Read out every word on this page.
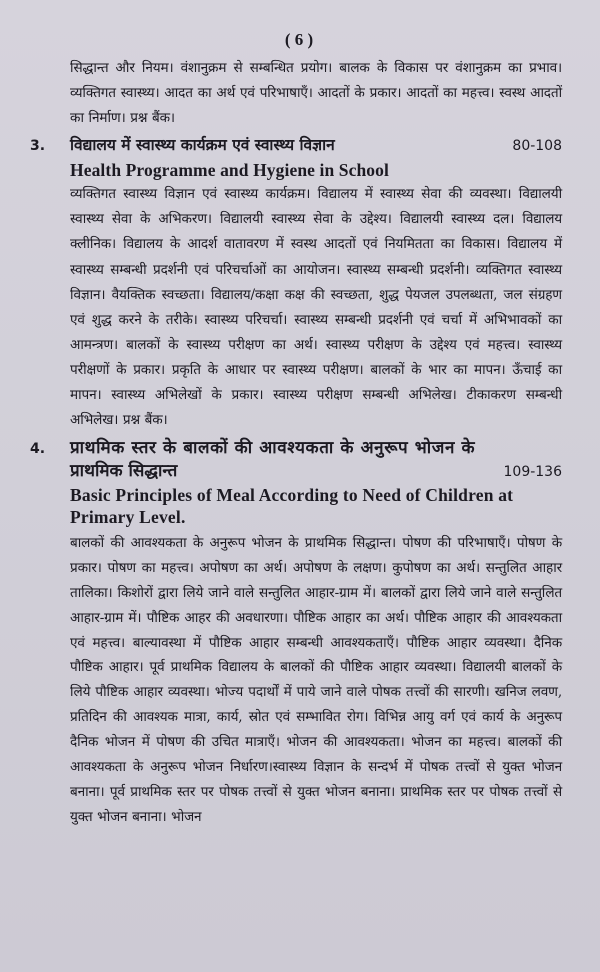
( 6 )

सिद्धान्त और नियम। वंशानुक्रम से सम्बन्धित प्रयोग। बालक के विकास पर वंशानुक्रम का प्रभाव। व्यक्तिगत स्वास्थ्य। आदत का अर्थ एवं परिभाषाएँ। आदतों के प्रकार। आदतों का महत्त्व। स्वस्थ आदतों का निर्माण। प्रश्न बैंक।

3.	विद्यालय में स्वास्थ्य कार्यक्रम एवं स्वास्थ्य विज्ञान	80-108
Health Programme and Hygiene in School

व्यक्तिगत स्वास्थ्य विज्ञान एवं स्वास्थ्य कार्यक्रम। विद्यालय में स्वास्थ्य सेवा की व्यवस्था। विद्यालयी स्वास्थ्य सेवा के अभिकरण। विद्यालयी स्वास्थ्य सेवा के उद्देश्य। विद्यालयी स्वास्थ्य दल। विद्यालय क्लीनिक। विद्यालय के आदर्श वातावरण में स्वस्थ आदतों एवं नियमितता का विकास। विद्यालय में स्वास्थ्य सम्बन्धी प्रदर्शनी एवं परिचर्चाओं का आयोजन। स्वास्थ्य सम्बन्धी प्रदर्शनी। व्यक्तिगत स्वास्थ्य विज्ञान। वैयक्तिक स्वच्छता। विद्यालय/कक्षा कक्ष की स्वच्छता, शुद्ध पेयजल उपलब्धता, जल संग्रहण एवं शुद्ध करने के तरीके। स्वास्थ्य परिचर्चा। स्वास्थ्य सम्बन्धी प्रदर्शनी एवं चर्चा में अभिभावकों का आमन्त्रण। बालकों के स्वास्थ्य परीक्षण का अर्थ। स्वास्थ्य परीक्षण के उद्देश्य एवं महत्त्व। स्वास्थ्य परीक्षणों के प्रकार। प्रकृति के आधार पर स्वास्थ्य परीक्षण। बालकों के भार का मापन। ऊँचाई का मापन। स्वास्थ्य अभिलेखों के प्रकार। स्वास्थ्य परीक्षण सम्बन्धी अभिलेख। टीकाकरण सम्बन्धी अभिलेख। प्रश्न बैंक।

4.	प्राथमिक स्तर के बालकों की आवश्यकता के अनुरूप भोजन के
प्राथमिक सिद्धान्त	109-136
Basic Principles of Meal According to Need of Children at Primary Level.

बालकों की आवश्यकता के अनुरूप भोजन के प्राथमिक सिद्धान्त। पोषण की परिभाषाएँ। पोषण के प्रकार। पोषण का महत्त्व। अपोषण का अर्थ। अपोषण के लक्षण। कुपोषण का अर्थ। सन्तुलित आहार तालिका। किशोरों द्वारा लिये जाने वाले सन्तुलित आहार-ग्राम में। बालकों द्वारा लिये जाने वाले सन्तुलित आहार-ग्राम में। पौष्टिक आहर की अवधारणा। पौष्टिक आहार का अर्थ। पौष्टिक आहार की आवश्यकता एवं महत्त्व। बाल्यावस्था में पौष्टिक आहार सम्बन्धी आवश्यकताएँ। पौष्टिक आहार व्यवस्था। दैनिक पौष्टिक आहार। पूर्व प्राथमिक विद्यालय के बालकों की पौष्टिक आहार व्यवस्था। विद्यालयी बालकों के लिये पौष्टिक आहार व्यवस्था। भोज्य पदार्थों में पाये जाने वाले पोषक तत्त्वों की सारणी। खनिज लवण, प्रतिदिन की आवश्यक मात्रा, कार्य, स्रोत एवं सम्भावित रोग। विभिन्न आयु वर्ग एवं कार्य के अनुरूप दैनिक भोजन में पोषण की उचित मात्राएँ। भोजन की आवश्यकता। भोजन का महत्त्व। बालकों की आवश्यकता के अनुरूप भोजन निर्धारण।स्वास्थ्य विज्ञान के सन्दर्भ में पोषक तत्त्वों से युक्त भोजन बनाना। पूर्व प्राथमिक स्तर पर पोषक तत्त्वों से युक्त भोजन बनाना। प्राथमिक स्तर पर पोषक तत्त्वों से युक्त भोजन बनाना। भोजन
